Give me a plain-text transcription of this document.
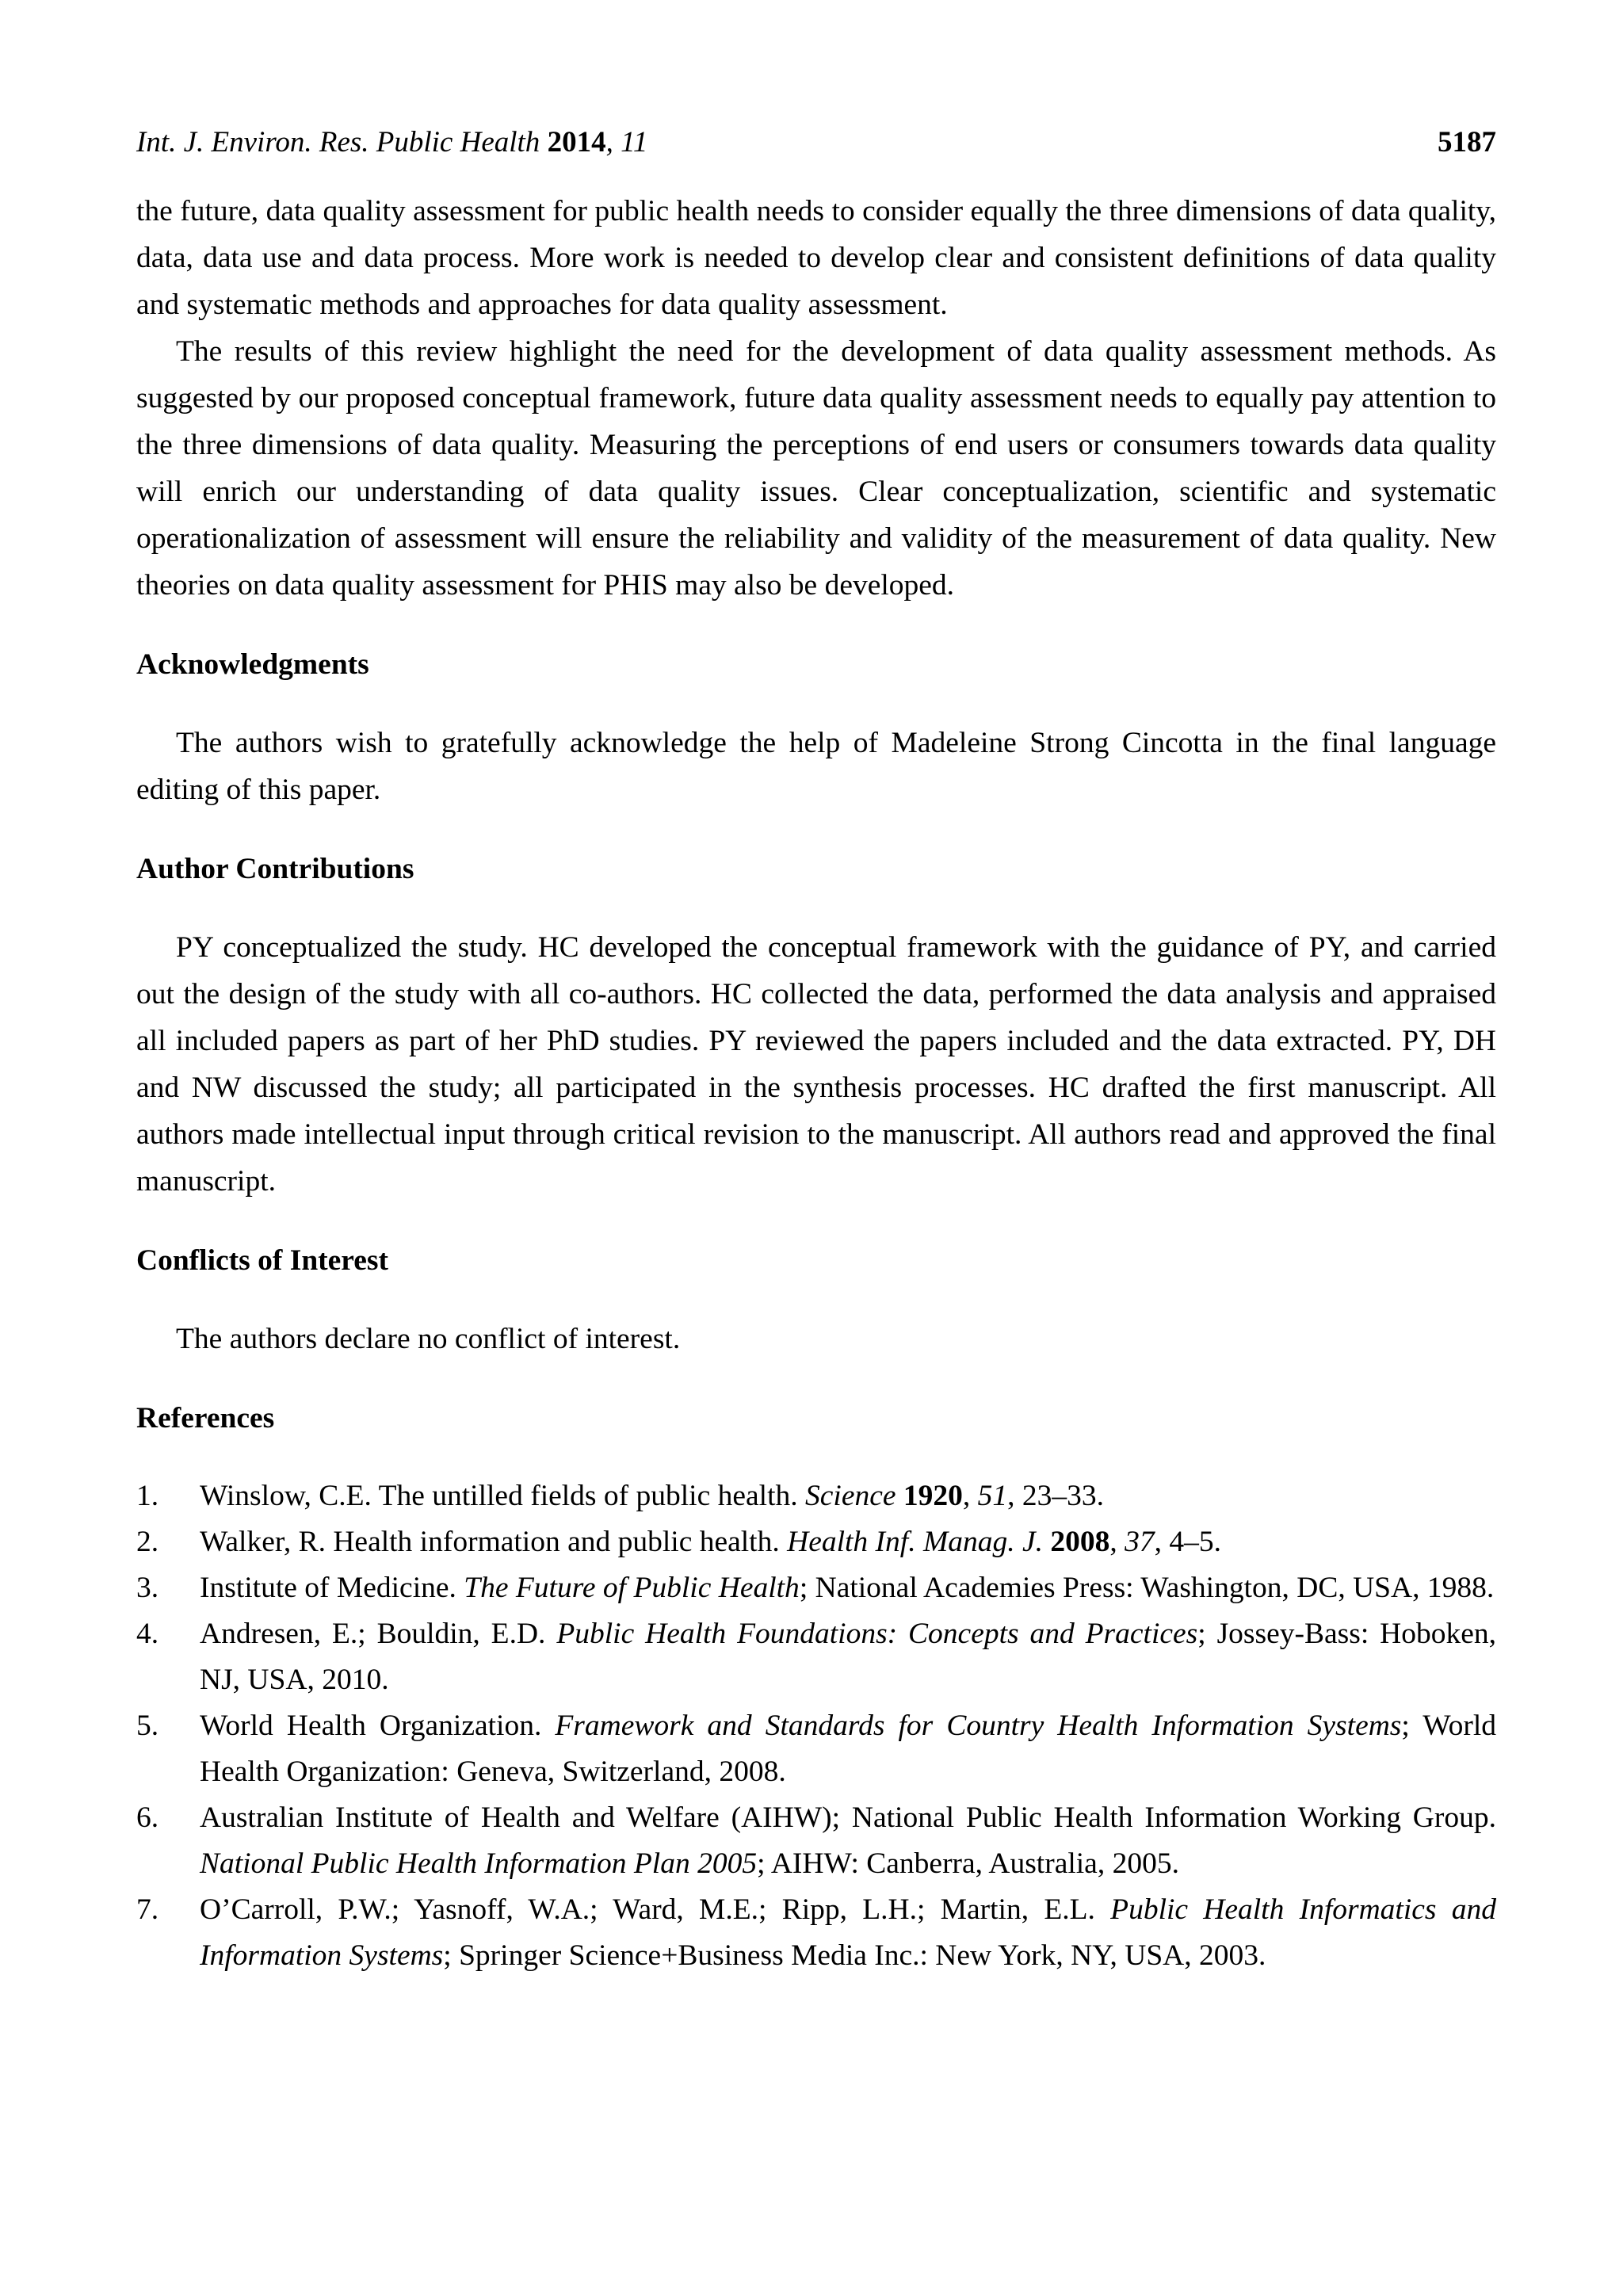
Int. J. Environ. Res. Public Health 2014, 11	5187

the future, data quality assessment for public health needs to consider equally the three dimensions of data quality, data, data use and data process. More work is needed to develop clear and consistent definitions of data quality and systematic methods and approaches for data quality assessment.

The results of this review highlight the need for the development of data quality assessment methods. As suggested by our proposed conceptual framework, future data quality assessment needs to equally pay attention to the three dimensions of data quality. Measuring the perceptions of end users or consumers towards data quality will enrich our understanding of data quality issues. Clear conceptualization, scientific and systematic operationalization of assessment will ensure the reliability and validity of the measurement of data quality. New theories on data quality assessment for PHIS may also be developed.

Acknowledgments

The authors wish to gratefully acknowledge the help of Madeleine Strong Cincotta in the final language editing of this paper.

Author Contributions

PY conceptualized the study. HC developed the conceptual framework with the guidance of PY, and carried out the design of the study with all co-authors. HC collected the data, performed the data analysis and appraised all included papers as part of her PhD studies. PY reviewed the papers included and the data extracted. PY, DH and NW discussed the study; all participated in the synthesis processes. HC drafted the first manuscript. All authors made intellectual input through critical revision to the manuscript. All authors read and approved the final manuscript.

Conflicts of Interest

The authors declare no conflict of interest.

References
1. Winslow, C.E. The untilled fields of public health. Science 1920, 51, 23–33.
2. Walker, R. Health information and public health. Health Inf. Manag. J. 2008, 37, 4–5.
3. Institute of Medicine. The Future of Public Health; National Academies Press: Washington, DC, USA, 1988.
4. Andresen, E.; Bouldin, E.D. Public Health Foundations: Concepts and Practices; Jossey-Bass: Hoboken, NJ, USA, 2010.
5. World Health Organization. Framework and Standards for Country Health Information Systems; World Health Organization: Geneva, Switzerland, 2008.
6. Australian Institute of Health and Welfare (AIHW); National Public Health Information Working Group. National Public Health Information Plan 2005; AIHW: Canberra, Australia, 2005.
7. O’Carroll, P.W.; Yasnoff, W.A.; Ward, M.E.; Ripp, L.H.; Martin, E.L. Public Health Informatics and Information Systems; Springer Science+Business Media Inc.: New York, NY, USA, 2003.
